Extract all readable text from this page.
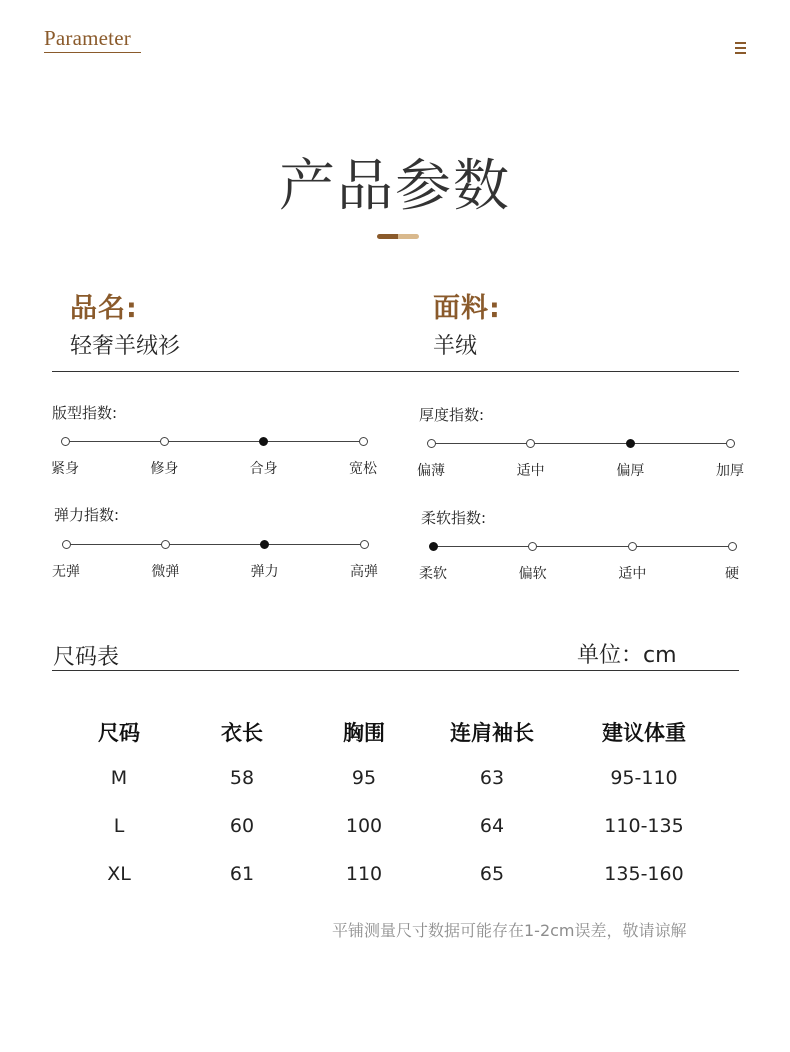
Parameter
产品参数
品名:
轻奢羊绒衫
面料:
羊绒
版型指数:
紧身	修身	合身	宽松
厚度指数:
偏薄	适中	偏厚	加厚
弹力指数:
无弹	微弹	弹力	高弹
柔软指数:
柔软	偏软	适中	硬
尺码表	单位：cm
尺码	衣长	胸围	连肩袖长	建议体重
M	58	95	63	95-110
L	60	100	64	110-135
XL	61	110	65	135-160
平铺测量尺寸数据可能存在1-2cm误差，敬请谅解
